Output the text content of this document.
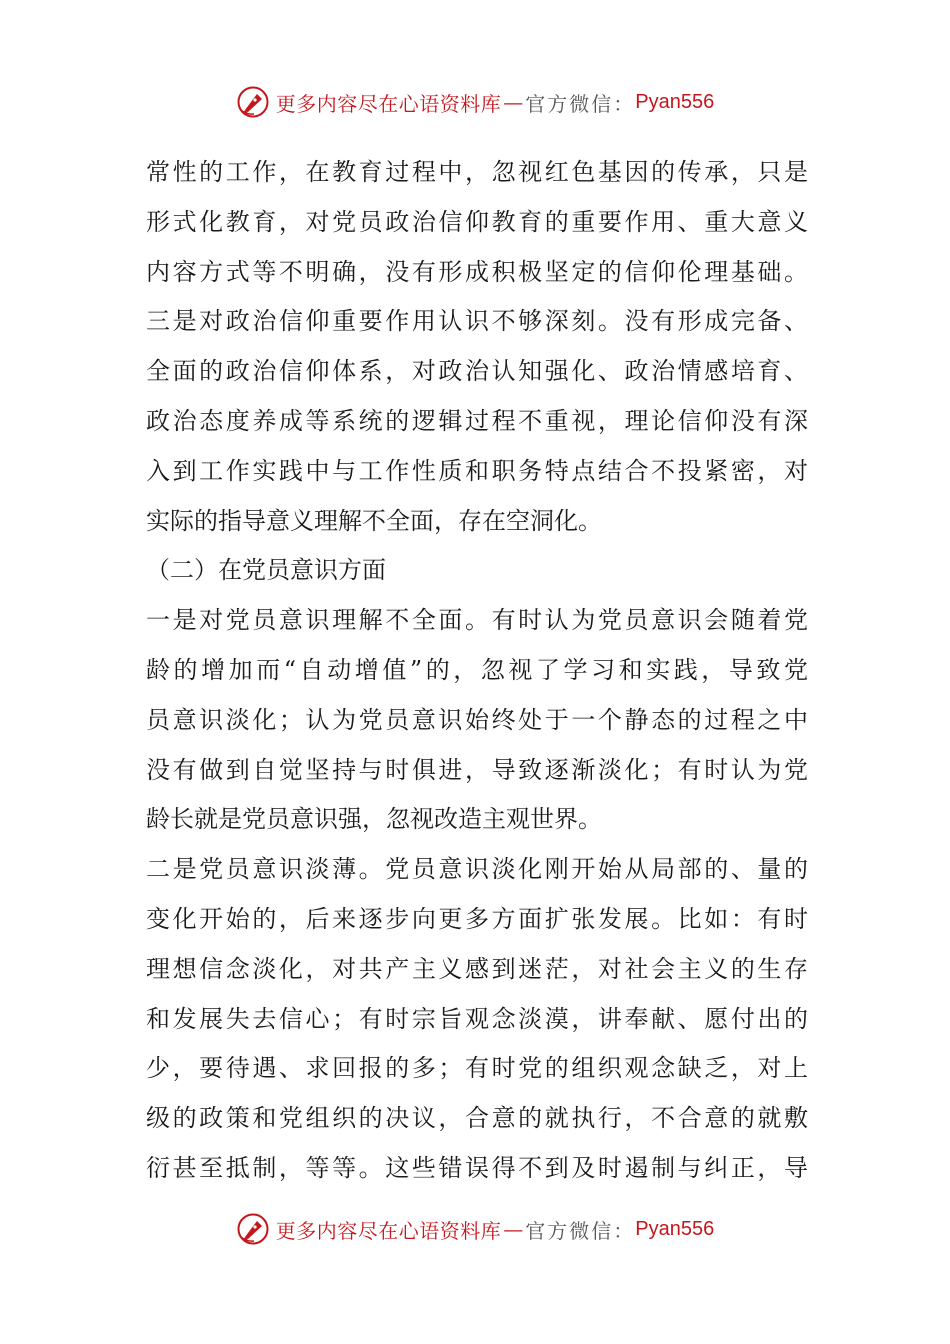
更多内容尽在心语资料库 — 官方微信： Pyan556
常性的工作，在教育过程中，忽视红色基因的传承，只是
形式化教育，对党员政治信仰教育的重要作用、重大意义
内容方式等不明确，没有形成积极坚定的信仰伦理基础。
三是对政治信仰重要作用认识不够深刻。没有形成完备、
全面的政治信仰体系，对政治认知强化、政治情感培育、
政治态度养成等系统的逻辑过程不重视，理论信仰没有深
入到工作实践中与工作性质和职务特点结合不投紧密，对
实际的指导意义理解不全面，存在空洞化。
（二）在党员意识方面
一是对党员意识理解不全面。有时认为党员意识会随着党
龄的增加而“自动增值”的，忽视了学习和实践，导致党
员意识淡化；认为党员意识始终处于一个静态的过程之中
没有做到自觉坚持与时俱进，导致逐渐淡化；有时认为党
龄长就是党员意识强，忽视改造主观世界。
二是党员意识淡薄。党员意识淡化刚开始从局部的、量的
变化开始的，后来逐步向更多方面扩张发展。比如：有时
理想信念淡化，对共产主义感到迷茫，对社会主义的生存
和发展失去信心；有时宗旨观念淡漠，讲奉献、愿付出的
少，要待遇、求回报的多；有时党的组织观念缺乏，对上
级的政策和党组织的决议，合意的就执行，不合意的就敷
衍甚至抵制，等等。这些错误得不到及时遏制与纠正，导
更多内容尽在心语资料库 — 官方微信： Pyan556
